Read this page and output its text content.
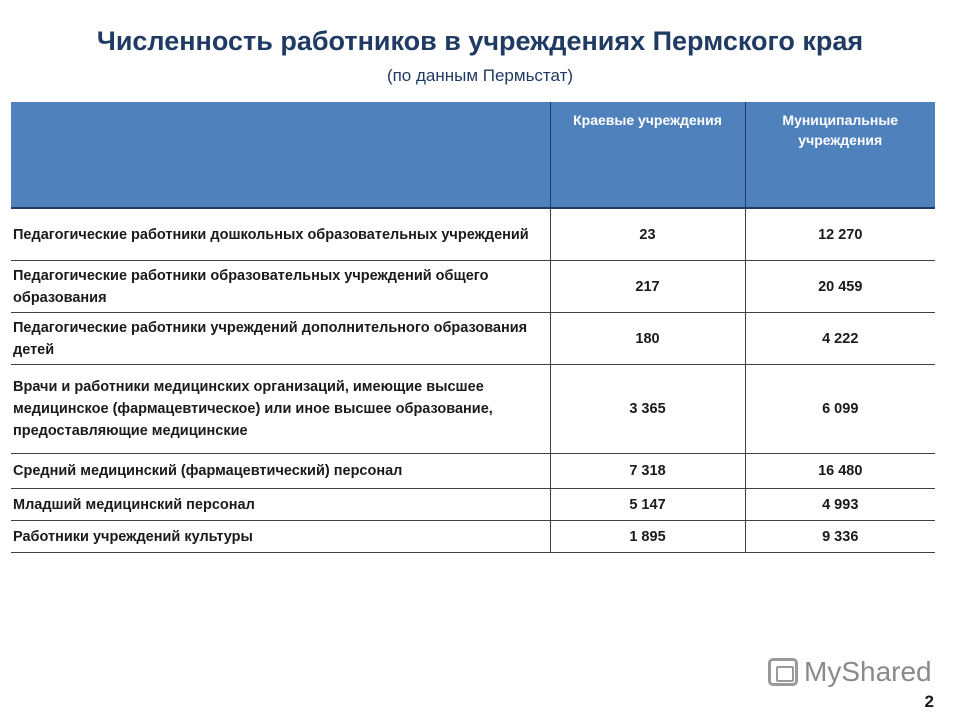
Численность работников в учреждениях Пермского края
(по данным Пермьстат)
	Краевые учреждения	Муниципальные учреждения
Педагогические работники дошкольных образовательных учреждений	23	12 270
Педагогические работники образовательных учреждений общего образования	217	20 459
Педагогические работники учреждений дополнительного образования детей	180	4 222
Врачи и работники медицинских организаций, имеющие высшее медицинское (фармацевтическое) или иное высшее образование, предоставляющие медицинские	3 365	6 099
Средний медицинский (фармацевтический) персонал	7 318	16 480
Младший медицинский персонал	5 147	4 993
Работники учреждений культуры	1 895	9 336
MyShared
2
